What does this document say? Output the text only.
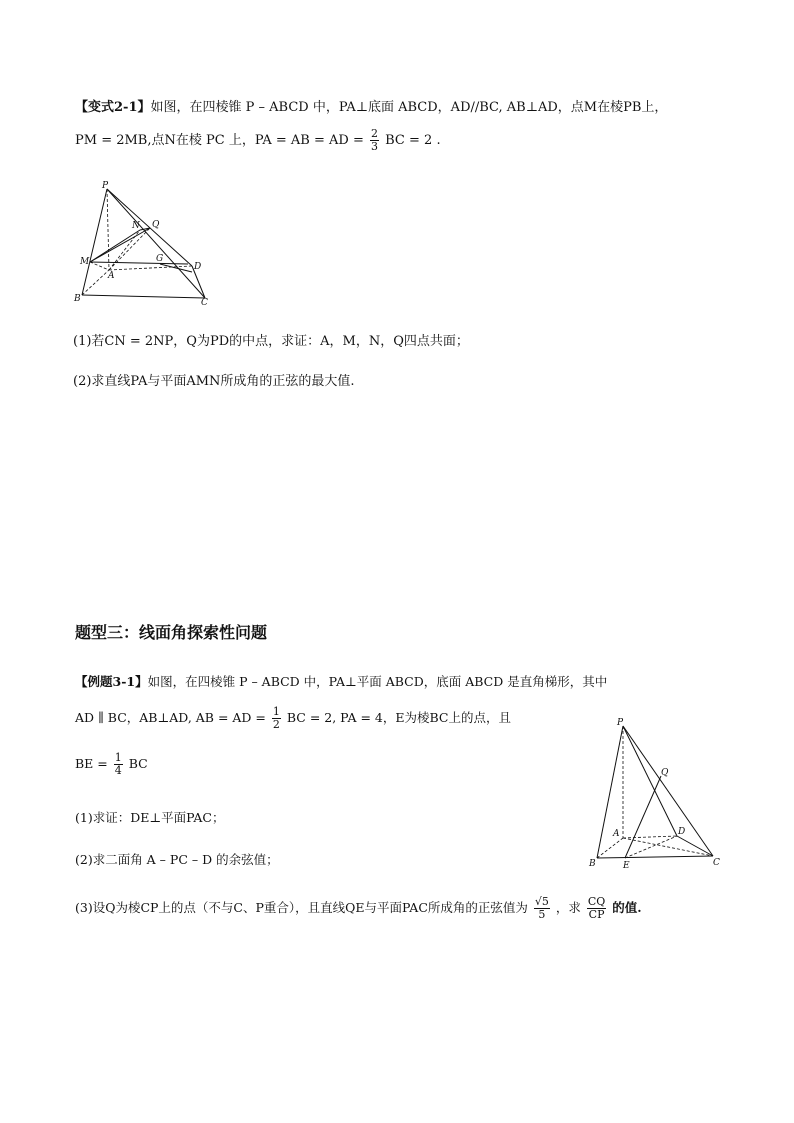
【变式2-1】如图，在四棱锥 P – ABCD 中，PA⊥底面 ABCD，AD//BC, AB⊥AD，点M在棱PB上，
PM = 2MB,点N在棱 PC 上，PA = AB = AD = $\frac{2}{3}$ BC = 2 .
P
N Q
M
A
G
D
B	C
(1)若CN = 2NP，Q为PD的中点，求证：A，M，N，Q四点共面；
(2)求直线PA与平面AMN所成角的正弦的最大值.
题型三：线面角探索性问题
【例题3-1】如图，在四棱锥 P – ABCD 中，PA⊥平面 ABCD，底面 ABCD 是直角梯形，其中
AD ∥ BC，AB⊥AD, AB = AD = $\frac{1}{2}$ BC = 2, PA = 4，E为棱BC上的点，且
BE = $\frac{1}{4}$ BC
(1)求证：DE⊥平面PAC；
(2)求二面角 A – PC – D 的余弦值；
(3)设Q为棱CP上的点（不与C、P重合），且直线QE与平面PAC所成角的正弦值为 $\frac{√5}{5}$ ，求 $\frac{CQ}{CP}$ 的值.
P
Q
A	D
B	E	C
